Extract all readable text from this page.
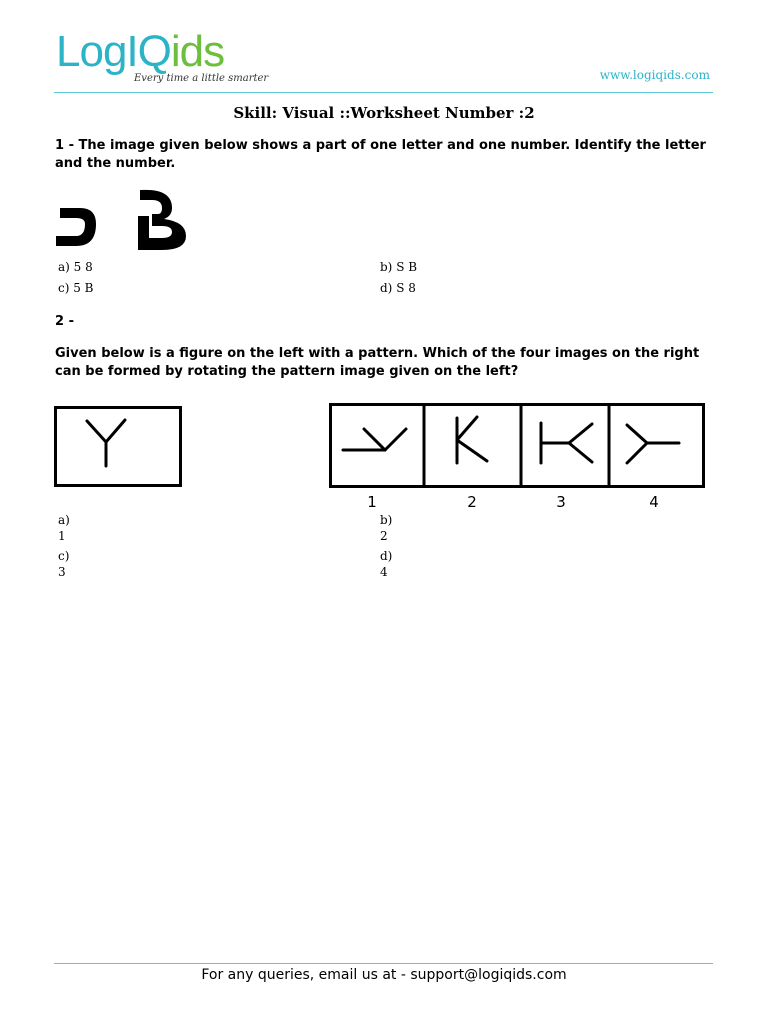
LogIQids
Every time a little smarter	www.logiqids.com
Skill: Visual ::Worksheet Number :2
1 - The image given below shows a part of one letter and one number. Identify the letter and the number.
a) 5 8	b) S B
c) 5 B	d) S 8
2 -
Given below is a figure on the left with a pattern. Which of the four images on the right can be formed by rotating the pattern image given on the left?
1	2	3	4
a)
1
b)
2
c)
3
d)
4
For any queries, email us at - support@logiqids.com
